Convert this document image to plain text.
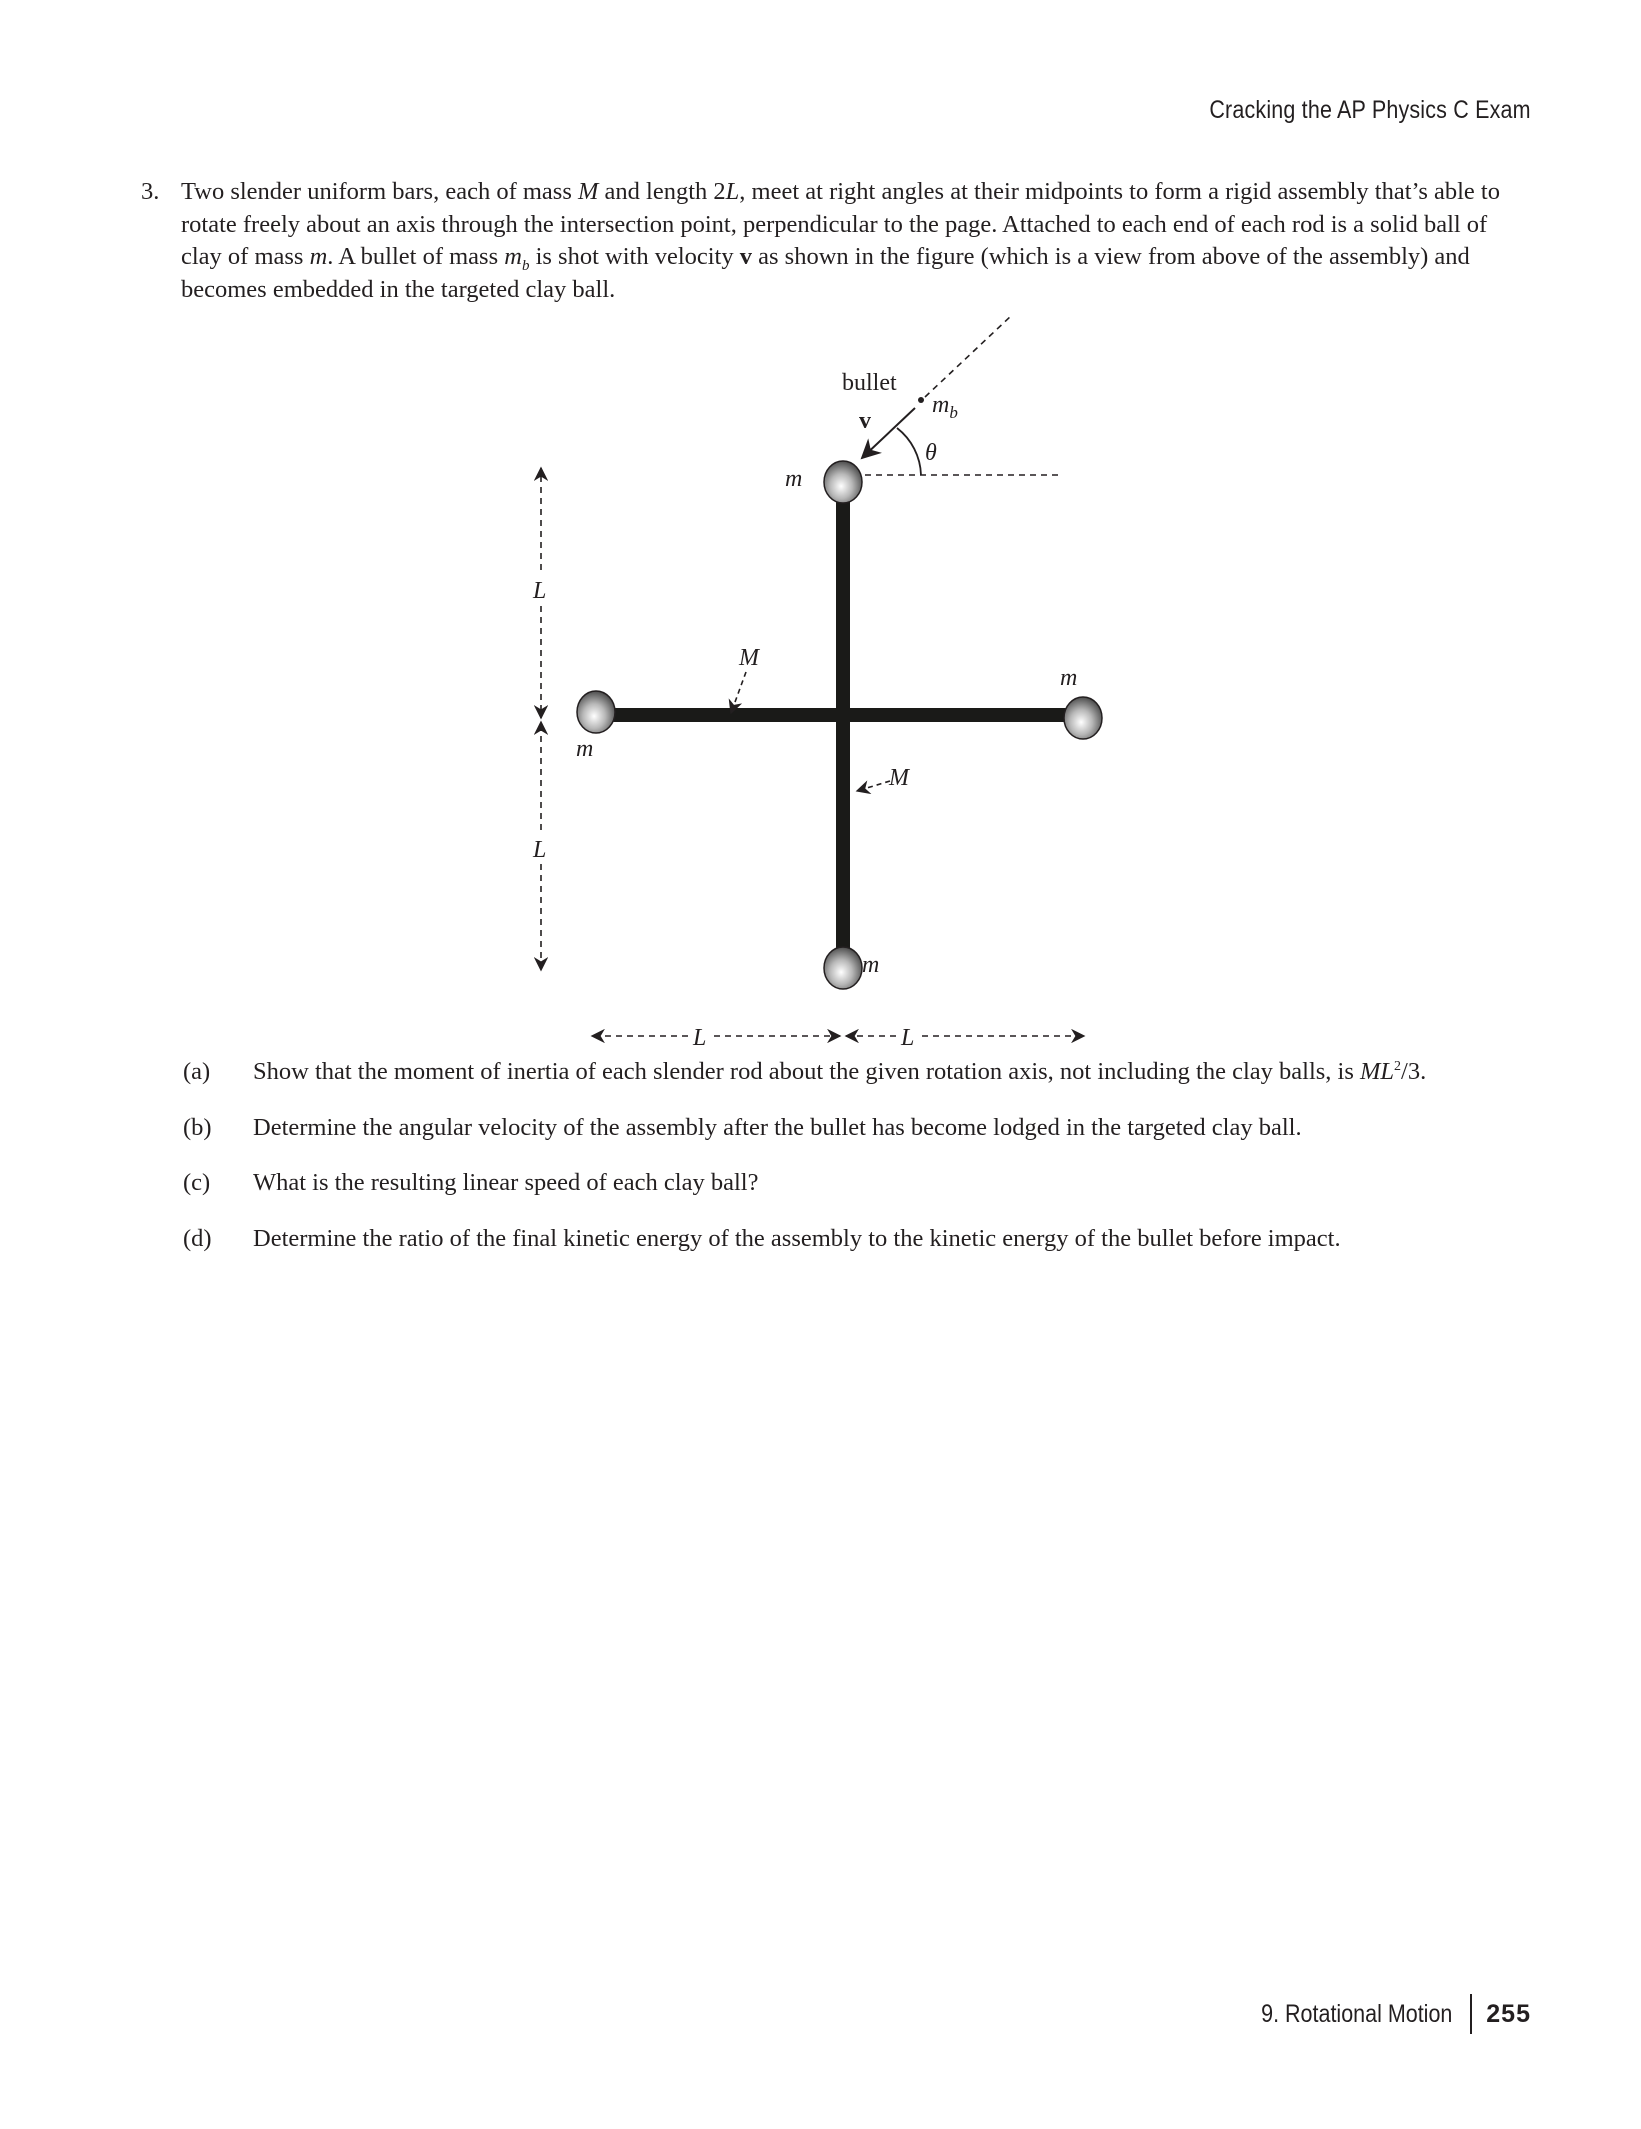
Cracking the AP Physics C Exam
3. Two slender uniform bars, each of mass M and length 2L, meet at right angles at their midpoints to form a rigid assembly that’s able to rotate freely about an axis through the intersection point, perpendicular to the page. Attached to each end of each rod is a solid ball of clay of mass m. A bullet of mass $m_b$ is shot with velocity v as shown in the figure (which is a view from above of the assembly) and becomes embedded in the targeted clay ball.
bullet
$m_b$
v
θ
m
m
m
m
M
M
L
L
L	L
(a) Show that the moment of inertia of each slender rod about the given rotation axis, not including the clay balls, is $ML^2/3$.
(b) Determine the angular velocity of the assembly after the bullet has become lodged in the targeted clay ball.
(c) What is the resulting linear speed of each clay ball?
(d) Determine the ratio of the final kinetic energy of the assembly to the kinetic energy of the bullet before impact.
9. Rotational Motion 255
